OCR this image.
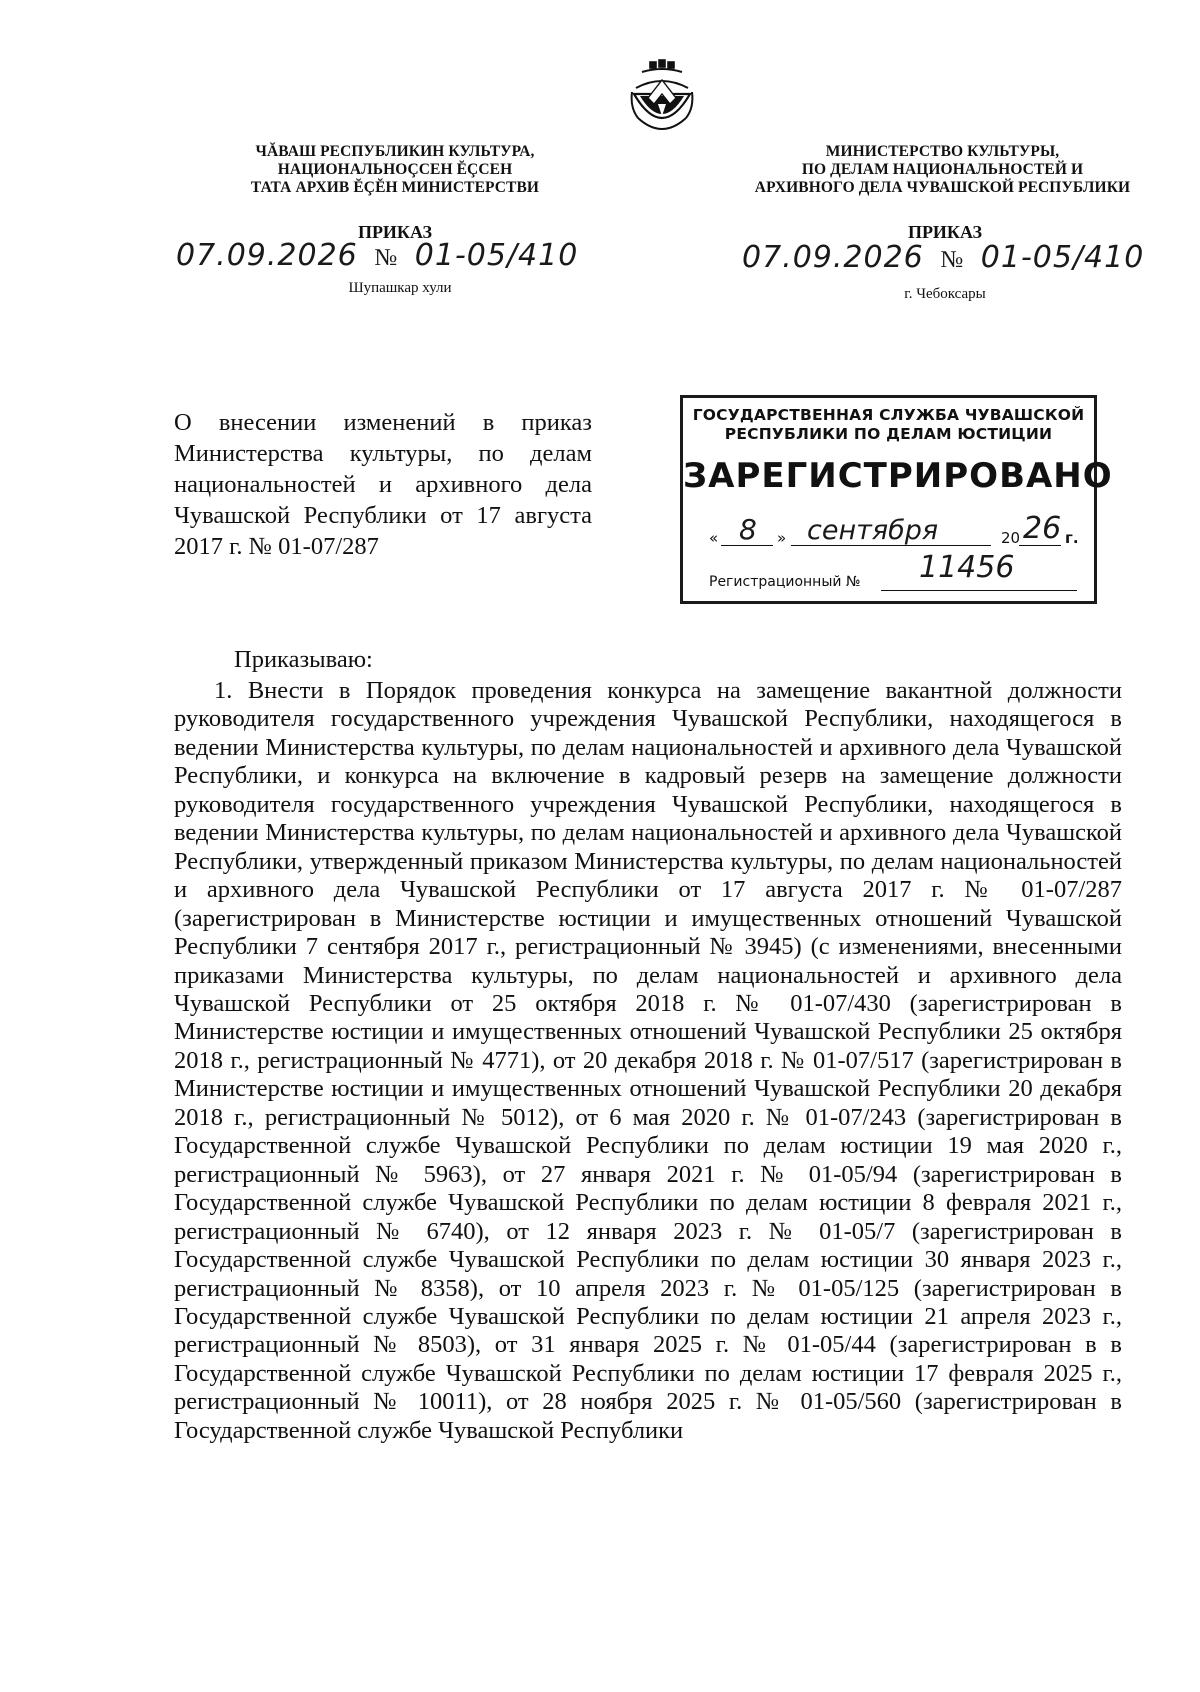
ЧĂВАШ РЕСПУБЛИКИН КУЛЬТУРА,
НАЦИОНАЛЬНОÇСЕН ĔÇСЕН
ТАТА АРХИВ ĔÇĔН МИНИСТЕРСТВИ
ПРИКАЗ
07.09.2026 № 01-05/410
Шупашкар хули
МИНИСТЕРСТВО КУЛЬТУРЫ,
ПО ДЕЛАМ НАЦИОНАЛЬНОСТЕЙ И
АРХИВНОГО ДЕЛА ЧУВАШСКОЙ РЕСПУБЛИКИ
ПРИКАЗ
07.09.2026 № 01-05/410
г. Чебоксары
О внесении изменений в приказ Министерства культуры, по делам национальностей и архивного дела Чувашской Республики от 17 августа 2017 г. № 01-07/287
ГОСУДАРСТВЕННАЯ СЛУЖБА ЧУВАШСКОЙ
РЕСПУБЛИКИ ПО ДЕЛАМ ЮСТИЦИИ
ЗАРЕГИСТРИРОВАНО
« 8 » сентября	20 26 г.
Регистрационный № 11456
Приказываю:

1. Внести в Порядок проведения конкурса на замещение вакантной должности руководителя государственного учреждения Чувашской Республики, находящегося в ведении Министерства культуры, по делам национальностей и архивного дела Чувашской Республики, и конкурса на включение в кадровый резерв на замещение должности руководителя государственного учреждения Чувашской Республики, находящегося в ведении Министерства культуры, по делам национальностей и архивного дела Чувашской Республики, утвержденный приказом Министерства культуры, по делам национальностей и архивного дела Чувашской Республики от 17 августа 2017 г. № 01-07/287 (зарегистрирован в Министерстве юстиции и имущественных отношений Чувашской Республики 7 сентября 2017 г., регистрационный № 3945) (с изменениями, внесенными приказами Министерства культуры, по делам национальностей и архивного дела Чувашской Республики от 25 октября 2018 г. № 01-07/430 (зарегистрирован в Министерстве юстиции и имущественных отношений Чувашской Республики 25 октября 2018 г., регистрационный № 4771), от 20 декабря 2018 г. № 01-07/517 (зарегистрирован в Министерстве юстиции и имущественных отношений Чувашской Республики 20 декабря 2018 г., регистрационный № 5012), от 6 мая 2020 г. № 01-07/243 (зарегистрирован в Государственной службе Чувашской Республики по делам юстиции 19 мая 2020 г., регистрационный № 5963), от 27 января 2021 г. № 01-05/94 (зарегистрирован в Государственной службе Чувашской Республики по делам юстиции 8 февраля 2021 г., регистрационный № 6740), от 12 января 2023 г. № 01-05/7 (зарегистрирован в Государственной службе Чувашской Республики по делам юстиции 30 января 2023 г., регистрационный № 8358), от 10 апреля 2023 г. № 01-05/125 (зарегистрирован в Государственной службе Чувашской Республики по делам юстиции 21 апреля 2023 г., регистрационный № 8503), от 31 января 2025 г. № 01-05/44 (зарегистрирован в в Государственной службе Чувашской Республики по делам юстиции 17 февраля 2025 г., регистрационный № 10011), от 28 ноября 2025 г. № 01-05/560 (зарегистрирован в Государственной службе Чувашской Республики
